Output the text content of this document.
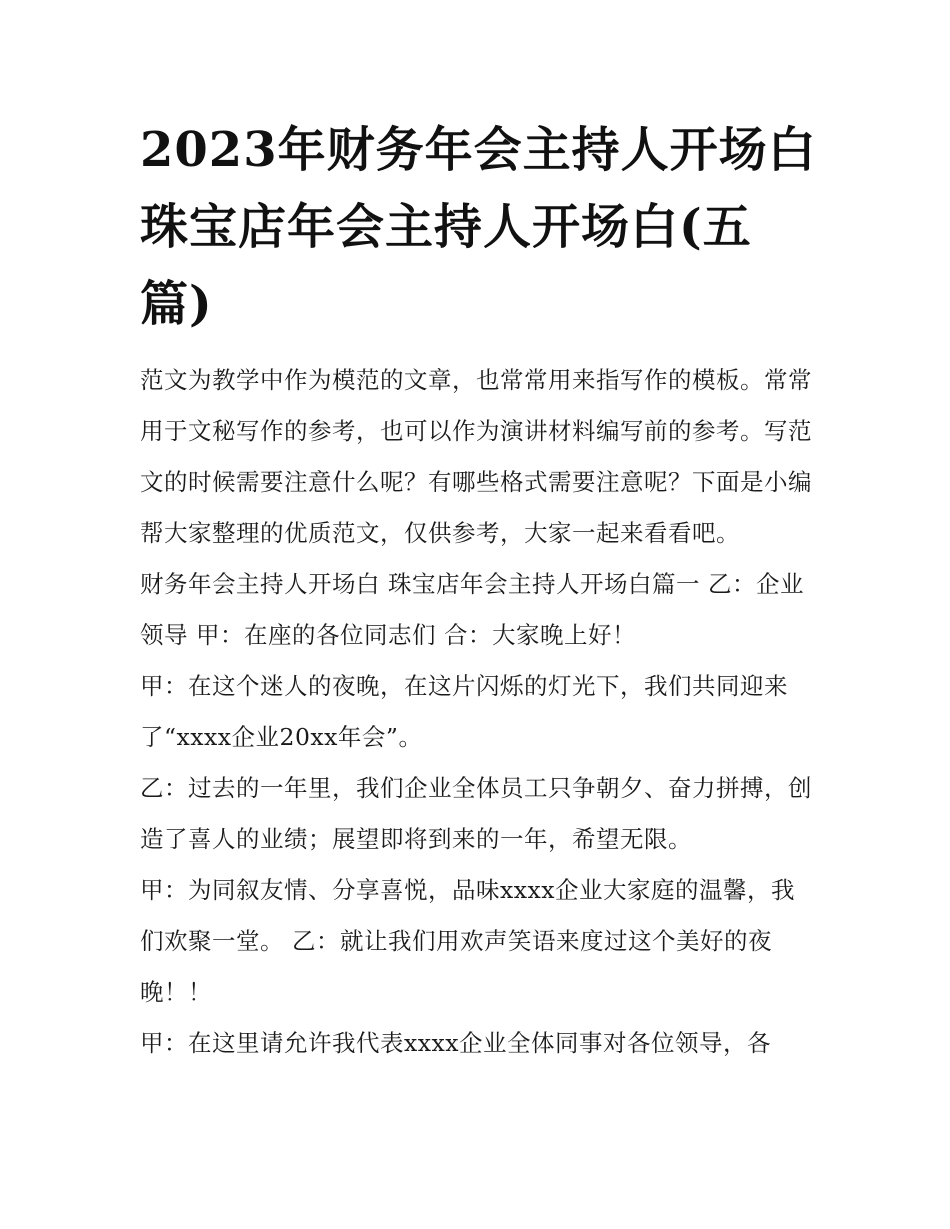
2023年财务年会主持人开场白珠宝店年会主持人开场白(五篇)

范文为教学中作为模范的文章，也常常用来指写作的模板。常常用于文秘写作的参考，也可以作为演讲材料编写前的参考。写范文的时候需要注意什么呢？有哪些格式需要注意呢？下面是小编帮大家整理的优质范文，仅供参考，大家一起来看看吧。

财务年会主持人开场白 珠宝店年会主持人开场白篇一 乙：企业领导 甲：在座的各位同志们 合：大家晚上好！

甲：在这个迷人的夜晚，在这片闪烁的灯光下，我们共同迎来了“xxxx企业20xx年会”。

乙：过去的一年里，我们企业全体员工只争朝夕、奋力拼搏，创造了喜人的业绩；展望即将到来的一年，希望无限。

甲：为同叙友情、分享喜悦，品味xxxx企业大家庭的温馨，我们欢聚一堂。 乙：就让我们用欢声笑语来度过这个美好的夜晚！！

甲：在这里请允许我代表xxxx企业全体同事对各位领导，各
